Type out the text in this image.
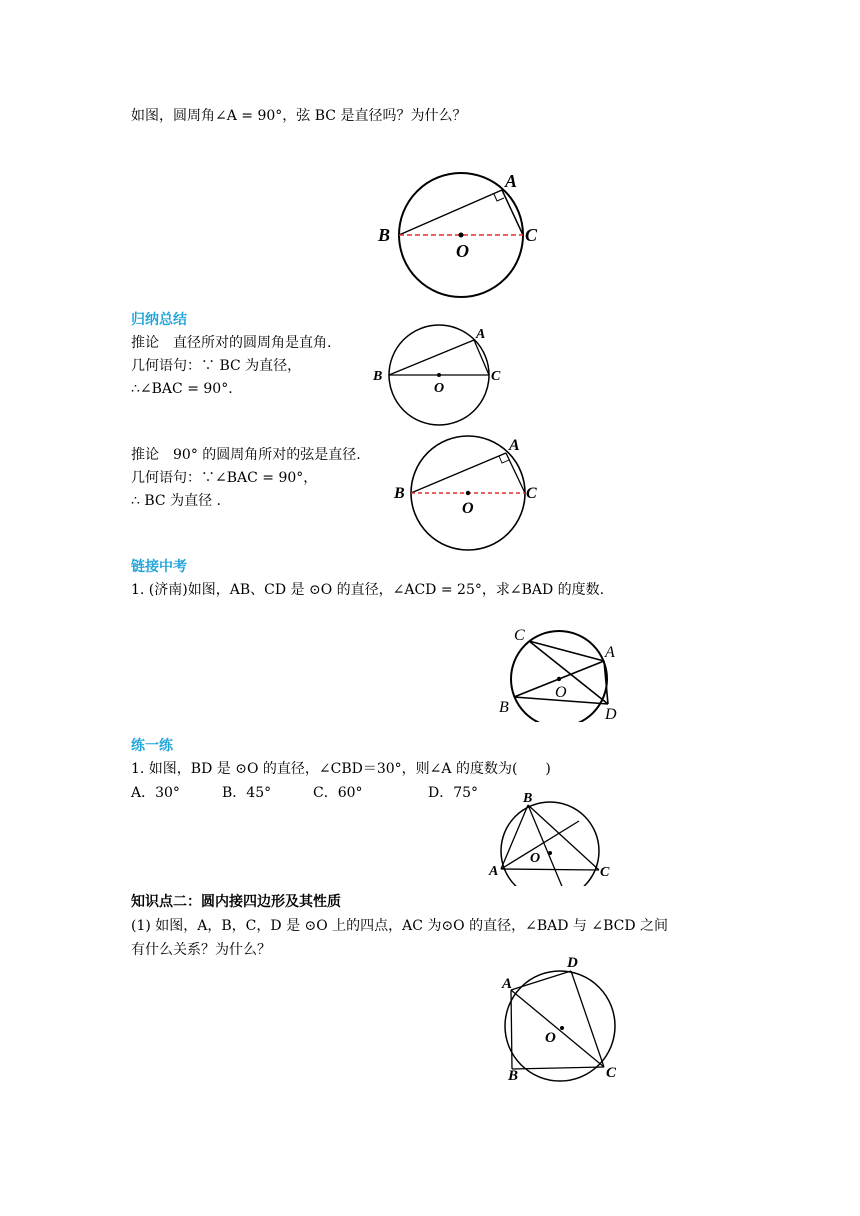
如图，圆周角∠A = 90°，弦 BC 是直径吗？为什么？
A
B	C
O
归纳总结
推论　直径所对的圆周角是直角.
几何语句：∵ BC 为直径，
∴∠BAC = 90°.
A
B	C
O
推论　90° 的圆周角所对的弦是直径.
几何语句：∵∠BAC = 90°，
∴ BC 为直径 .
A
B	C
O
链接中考
1. (济南)如图，AB、CD 是 ⊙O 的直径，∠ACD = 25°，求∠BAD 的度数.
C
A
B	D
O
练一练
1. 如图，BD 是 ⊙O 的直径，∠CBD＝30°，则∠A 的度数为(　　)
A．30°	B．45°	C．60°	D．75°	B
A	C
O
知识点二：圆内接四边形及其性质
(1) 如图，A，B，C，D 是 ⊙O 上的四点，AC 为⊙O 的直径，∠BAD 与 ∠BCD 之间
有什么关系？为什么？
D
A
C
B
O
